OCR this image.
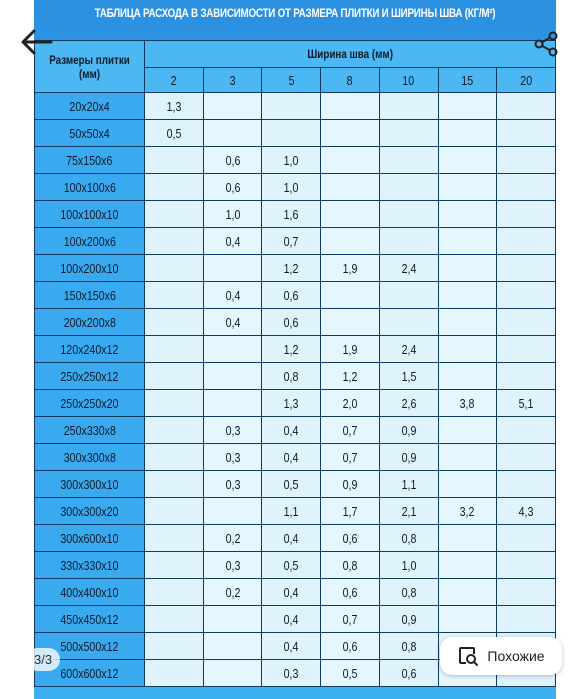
ТАБЛИЦА РАСХОДА В ЗАВИСИМОСТИ ОТ РАЗМЕРА ПЛИТКИ И ШИРИНЫ ШВА (КГ/М²)
Размеры плитки (мм)	Ширина шва (мм)						
	2	3	5	8	10	15	20
20x20x4	1,3						
50x50x4	0,5						
75x150x6		0,6	1,0				
100x100x6		0,6	1,0				
100x100x10		1,0	1,6				
100x200x6		0,4	0,7				
100x200x10			1,2	1,9	2,4		
150x150x6		0,4	0,6				
200x200x8		0,4	0,6				
120x240x12			1,2	1,9	2,4		
250x250x12			0,8	1,2	1,5		
250x250x20			1,3	2,0	2,6	3,8	5,1
250x330x8		0,3	0,4	0,7	0,9		
300x300x8		0,3	0,4	0,7	0,9		
300x300x10		0,3	0,5	0,9	1,1		
300x300x20			1,1	1,7	2,1	3,2	4,3
300x600x10		0,2	0,4	0,6	0,8		
330x330x10		0,3	0,5	0,8	1,0		
400x400x10		0,2	0,4	0,6	0,8		
450x450x12			0,4	0,7	0,9		
500x500x12			0,4	0,6	0,8		
600x600x12			0,3	0,5	0,6		
3/3	Похожие
